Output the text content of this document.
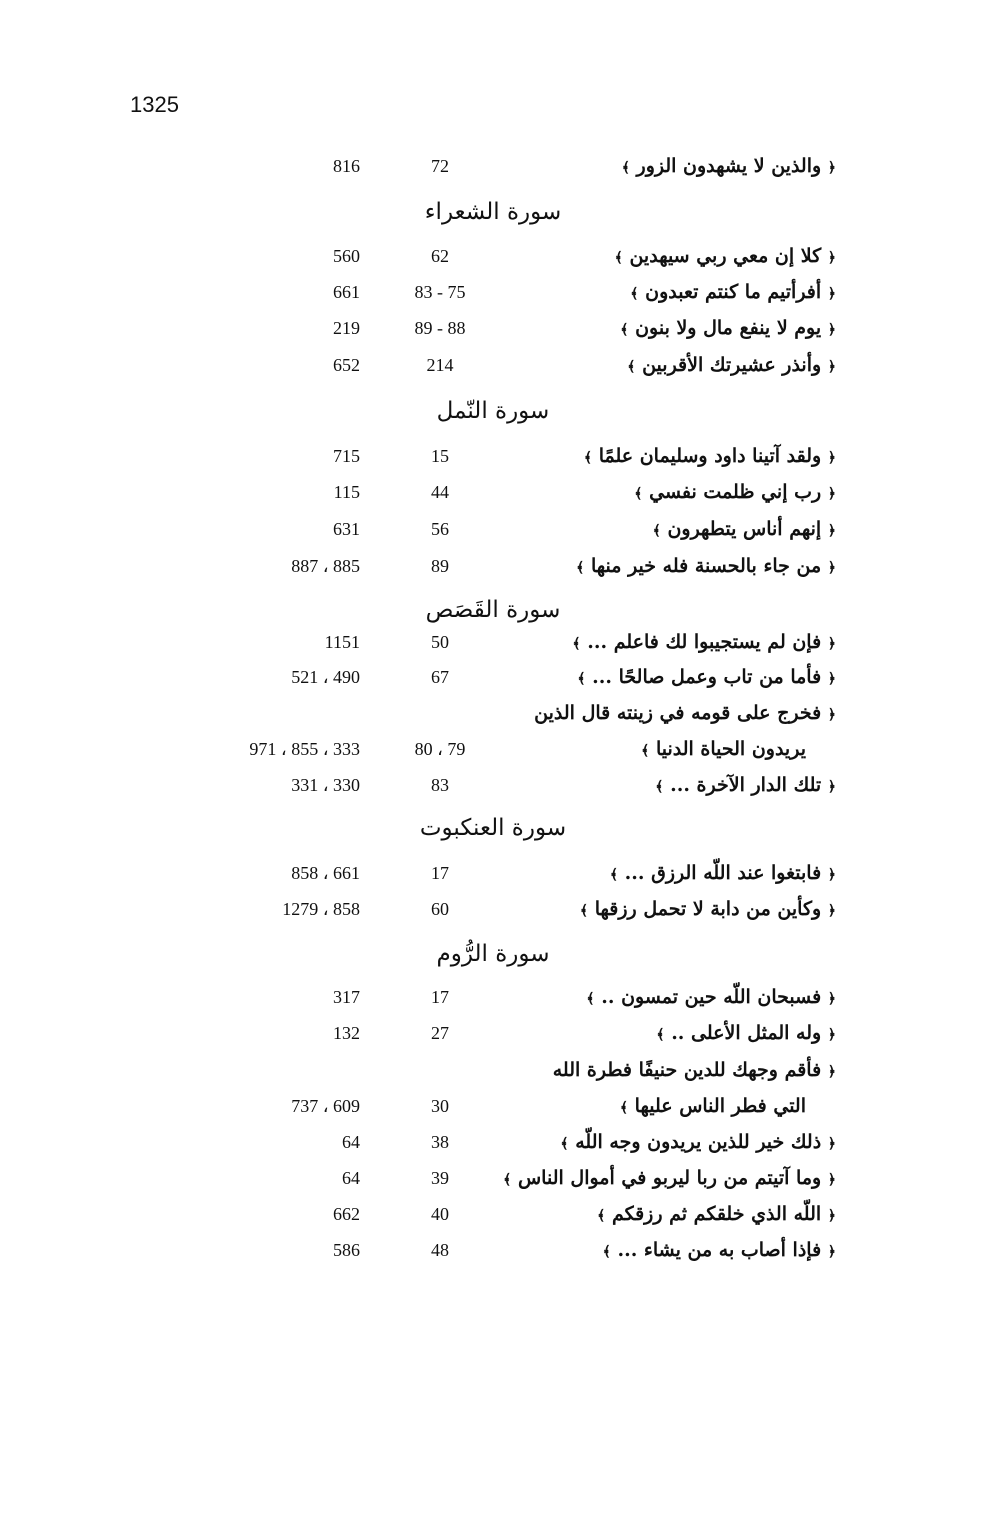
1325
﴿ والذين لا يشهدون الزور ﴾
72
816
سورة الشعراء
﴿ كلا إن معي ربي سيهدين ﴾
62
560
﴿ أفرأتيم ما كنتم تعبدون ﴾
75 - 83
661
﴿ يوم لا ينفع مال ولا بنون ﴾
88 - 89
219
﴿ وأنذر عشيرتك الأقربين ﴾
214
652
سورة النّمل
﴿ ولقد آتينا داود وسليمان علمًا ﴾
15
715
﴿ رب إني ظلمت نفسي ﴾
44
115
﴿ إنهم أناس يتطهرون ﴾
56
631
﴿ من جاء بالحسنة فله خير منها ﴾
89
885 ، 887
سورة القَصَص
﴿ فإن لم يستجيبوا لك فاعلم ... ﴾
50
1151
﴿ فأما من تاب وعمل صالحًا ... ﴾
67
490 ، 521
﴿ فخرج على قومه في زينته قال الذين
يريدون الحياة الدنيا ﴾
79 ، 80
333 ، 855 ، 971
﴿ تلك الدار الآخرة ... ﴾
83
330 ، 331
سورة العنكبوت
﴿ فابتغوا عند اللّه الرزق ... ﴾
17
661 ، 858
﴿ وكأين من دابة لا تحمل رزقها ﴾
60
858 ، 1279
سورة الرُّوم
﴿ فسبحان اللّه حين تمسون .. ﴾
17
317
﴿ وله المثل الأعلى .. ﴾
27
132
﴿ فأقم وجهك للدين حنيفًا فطرة الله
التي فطر الناس عليها ﴾
30
609 ، 737
﴿ ذلك خير للذين يريدون وجه اللّه ﴾
38
64
﴿ وما آتيتم من ربا ليربو في أموال الناس ﴾
39
64
﴿ اللّه الذي خلقكم ثم رزقكم ﴾
40
662
﴿ فإذا أصاب به من يشاء ... ﴾
48
586
